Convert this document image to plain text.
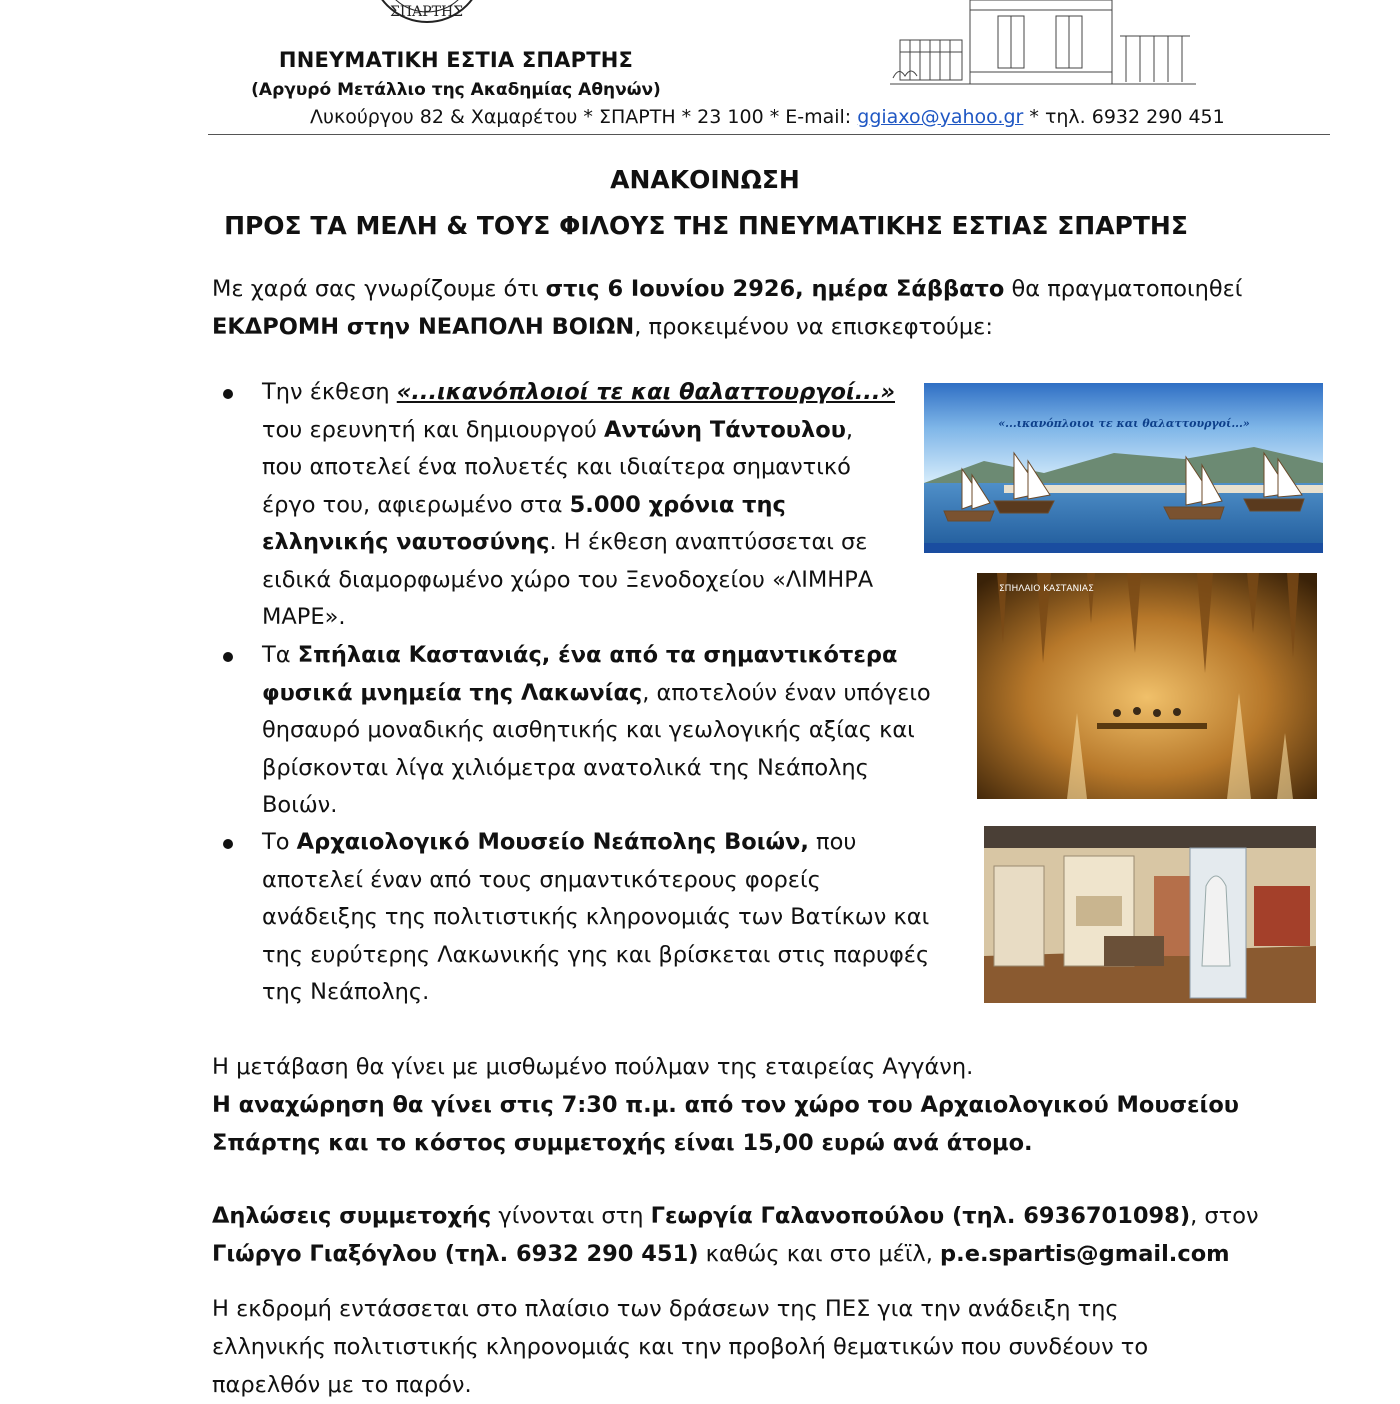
ΣΠΑΡΤΗΣ
ΠΝΕΥΜΑΤΙΚΗ ΕΣΤΙΑ ΣΠΑΡΤΗΣ
(Αργυρό Μετάλλιο της Ακαδημίας Αθηνών)
Λυκούργου 82 & Χαμαρέτου * ΣΠΑΡΤΗ * 23 100 * E-mail: ggiaxo@yahoo.gr * τηλ. 6932 290 451
ΑΝΑΚΟΙΝΩΣΗ
ΠΡΟΣ ΤΑ ΜΕΛΗ & ΤΟΥΣ ΦΙΛΟΥΣ ΤΗΣ ΠΝΕΥΜΑΤΙΚΗΣ ΕΣΤΙΑΣ ΣΠΑΡΤΗΣ
Με χαρά σας γνωρίζουμε ότι στις 6 Ιουνίου 2926, ημέρα Σάββατο θα πραγματοποιηθεί
ΕΚΔΡΟΜΗ στην ΝΕΑΠΟΛΗ ΒΟΙΩΝ, προκειμένου να επισκεφτούμε:
Την έκθεση «...ικανόπλοιοί τε και θαλαττουργοί...»
του ερευνητή και δημιουργού Αντώνη Τάντουλου,
που αποτελεί ένα πολυετές και ιδιαίτερα σημαντικό
έργο του, αφιερωμένο στα 5.000 χρόνια της
ελληνικής ναυτοσύνης. Η έκθεση αναπτύσσεται σε
ειδικά διαμορφωμένο χώρο του Ξενοδοχείου «ΛΙΜΗΡΑ
ΜΑΡΕ».
«...ικανόπλοιοι τε και θαλαττουργοί...»
Τα Σπήλαια Καστανιάς, ένα από τα σημαντικότερα
φυσικά μνημεία της Λακωνίας, αποτελούν έναν υπόγειο
θησαυρό μοναδικής αισθητικής και γεωλογικής αξίας και
βρίσκονται λίγα χιλιόμετρα ανατολικά της Νεάπολης
Βοιών.
ΣΠΗΛΑΙΟ ΚΑΣΤΑΝΙΑΣ
Το Αρχαιολογικό Μουσείο Νεάπολης Βοιών, που
αποτελεί έναν από τους σημαντικότερους φορείς
ανάδειξης της πολιτιστικής κληρονομιάς των Βατίκων και
της ευρύτερης Λακωνικής γης και βρίσκεται στις παρυφές
της Νεάπολης.
Η μετάβαση θα γίνει με μισθωμένο πούλμαν της εταιρείας Αγγάνη.
Η αναχώρηση θα γίνει στις 7:30 π.μ. από τον χώρο του Αρχαιολογικού Μουσείου
Σπάρτης και το κόστος συμμετοχής είναι 15,00 ευρώ ανά άτομο.
Δηλώσεις συμμετοχής γίνονται στη Γεωργία Γαλανοπούλου (τηλ. 6936701098), στον
Γιώργο Γιαξόγλου (τηλ. 6932 290 451) καθώς και στο μέϊλ, p.e.spartis@gmail.com
Η εκδρομή εντάσσεται στο πλαίσιο των δράσεων της ΠΕΣ για την ανάδειξη της
ελληνικής πολιτιστικής κληρονομιάς και την προβολή θεματικών που συνδέουν το
παρελθόν με το παρόν.
